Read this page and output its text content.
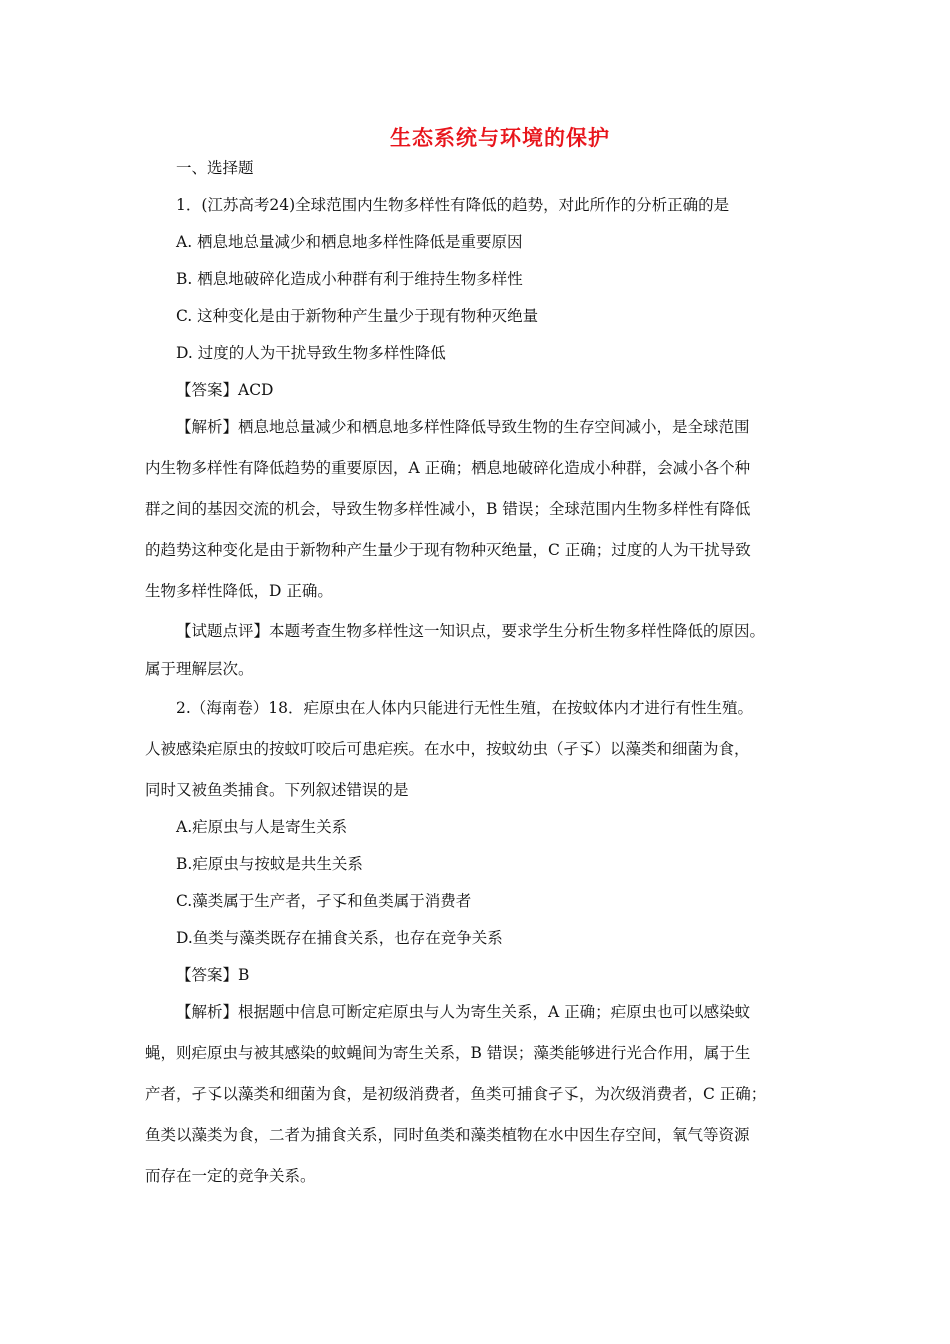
生态系统与环境的保护
一、选择题
1．(江苏高考24)全球范围内生物多样性有降低的趋势，对此所作的分析正确的是
A. 栖息地总量减少和栖息地多样性降低是重要原因
B. 栖息地破碎化造成小种群有利于维持生物多样性
C. 这种变化是由于新物种产生量少于现有物种灭绝量
D. 过度的人为干扰导致生物多样性降低
【答案】ACD
【解析】栖息地总量减少和栖息地多样性降低导致生物的生存空间减小，是全球范围
内生物多样性有降低趋势的重要原因，A 正确；栖息地破碎化造成小种群，会减小各个种
群之间的基因交流的机会，导致生物多样性减小，B 错误；全球范围内生物多样性有降低
的趋势这种变化是由于新物种产生量少于现有物种灭绝量，C 正确；过度的人为干扰导致
生物多样性降低，D 正确。
【试题点评】本题考查生物多样性这一知识点，要求学生分析生物多样性降低的原因。
属于理解层次。
2.（海南卷）18．疟原虫在人体内只能进行无性生殖，在按蚊体内才进行有性生殖。
人被感染疟原虫的按蚊叮咬后可患疟疾。在水中，按蚊幼虫（孑孓）以藻类和细菌为食，
同时又被鱼类捕食。下列叙述错误的是
A.疟原虫与人是寄生关系
B.疟原虫与按蚊是共生关系
C.藻类属于生产者，孑孓和鱼类属于消费者
D.鱼类与藻类既存在捕食关系，也存在竞争关系
【答案】B
【解析】根据题中信息可断定疟原虫与人为寄生关系，A 正确；疟原虫也可以感染蚊
蝇，则疟原虫与被其感染的蚊蝇间为寄生关系，B 错误；藻类能够进行光合作用，属于生
产者，孑孓以藻类和细菌为食，是初级消费者，鱼类可捕食孑孓，为次级消费者，C 正确；
鱼类以藻类为食，二者为捕食关系，同时鱼类和藻类植物在水中因生存空间，氧气等资源
而存在一定的竞争关系。
